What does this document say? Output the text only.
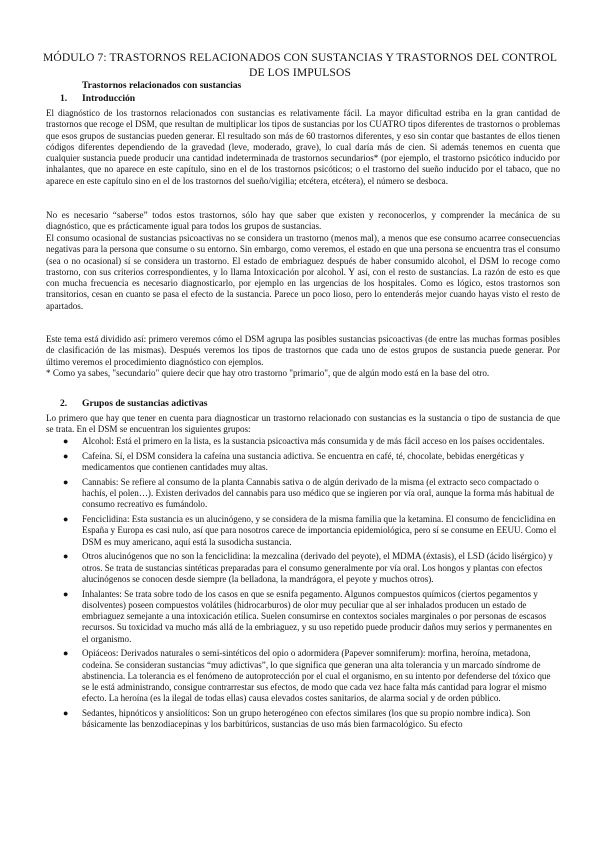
MÓDULO 7: TRASTORNOS RELACIONADOS CON SUSTANCIAS Y TRASTORNOS DEL CONTROL DE LOS IMPULSOS
Trastornos relacionados con sustancias
1. Introducción
El diagnóstico de los trastornos relacionados con sustancias es relativamente fácil. La mayor dificultad estriba en la gran cantidad de trastornos que recoge el DSM, que resultan de multiplicar los tipos de sustancias por los CUATRO tipos diferentes de trastornos o problemas que esos grupos de sustancias pueden generar. El resultado son más de 60 trastornos diferentes, y eso sin contar que bastantes de ellos tienen códigos diferentes dependiendo de la gravedad (leve, moderado, grave), lo cual daría más de cien. Si además tenemos en cuenta que cualquier sustancia puede producir una cantidad indeterminada de trastornos secundarios* (por ejemplo, el trastorno psicótico inducido por inhalantes, que no aparece en este capítulo, sino en el de los trastornos psicóticos; o el trastorno del sueño inducido por el tabaco, que no aparece en este capítulo sino en el de los trastornos del sueño/vigilia; etcétera, etcétera), el número se desboca.
No es necesario “saberse” todos estos trastornos, sólo hay que saber que existen y reconocerlos, y comprender la mecánica de su diagnóstico, que es prácticamente igual para todos los grupos de sustancias.
El consumo ocasional de sustancias psicoactivas no se considera un trastorno (menos mal), a menos que ese consumo acarree consecuencias negativas para la persona que consume o su entorno. Sin embargo, como veremos, el estado en que una persona se encuentra tras el consumo (sea o no ocasional) sí se considera un trastorno. El estado de embriaguez después de haber consumido alcohol, el DSM lo recoge como trastorno, con sus criterios correspondientes, y lo llama Intoxicación por alcohol. Y así, con el resto de sustancias. La razón de esto es que con mucha frecuencia es necesario diagnosticarlo, por ejemplo en las urgencias de los hospitales. Como es lógico, estos trastornos son transitorios, cesan en cuanto se pasa el efecto de la sustancia. Parece un poco lioso, pero lo entenderás mejor cuando hayas visto el resto de apartados.
Este tema está dividido así: primero veremos cómo el DSM agrupa las posibles sustancias psicoactivas (de entre las muchas formas posibles de clasificación de las mismas). Después veremos los tipos de trastornos que cada uno de estos grupos de sustancia puede generar. Por último veremos el procedimiento diagnóstico con ejemplos.
* Como ya sabes, "secundario" quiere decir que hay otro trastorno "primario", que de algún modo está en la base del otro.
2. Grupos de sustancias adictivas
Lo primero que hay que tener en cuenta para diagnosticar un trastorno relacionado con sustancias es la sustancia o tipo de sustancia de que se trata. En el DSM se encuentran los siguientes grupos:
● Alcohol: Está el primero en la lista, es la sustancia psicoactiva más consumida y de más fácil acceso en los países occidentales.
● Cafeína. Sí, el DSM considera la cafeína una sustancia adictiva. Se encuentra en café, té, chocolate, bebidas energéticas y medicamentos que contienen cantidades muy altas.
● Cannabis: Se refiere al consumo de la planta Cannabis sativa o de algún derivado de la misma (el extracto seco compactado o hachís, el polen…). Existen derivados del cannabis para uso médico que se ingieren por vía oral, aunque la forma más habitual de consumo recreativo es fumándolo.
● Fenciclidina: Esta sustancia es un alucinógeno, y se considera de la misma familia que la ketamina. El consumo de fenciclidina en España y Europa es casi nulo, así que para nosotros carece de importancia epidemiológica, pero sí se consume en EEUU. Como el DSM es muy americano, aquí está la susodicha sustancia.
● Otros alucinógenos que no son la fenciclidina: la mezcalina (derivado del peyote), el MDMA (éxtasis), el LSD (ácido lisérgico) y otros. Se trata de sustancias sintéticas preparadas para el consumo generalmente por vía oral. Los hongos y plantas con efectos alucinógenos se conocen desde siempre (la belladona, la mandrágora, el peyote y muchos otros).
● Inhalantes: Se trata sobre todo de los casos en que se esnifa pegamento. Algunos compuestos químicos (ciertos pegamentos y disolventes) poseen compuestos volátiles (hidrocarburos) de olor muy peculiar que al ser inhalados producen un estado de embriaguez semejante a una intoxicación etílica. Suelen consumirse en contextos sociales marginales o por personas de escasos recursos. Su toxicidad va mucho más allá de la embriaguez, y su uso repetido puede producir daños muy serios y permanentes en el organismo.
● Opiáceos: Derivados naturales o semi-sintéticos del opio o adormidera (Papever somniferum): morfina, heroína, metadona, codeína. Se consideran sustancias “muy adictivas”, lo que significa que generan una alta tolerancia y un marcado síndrome de abstinencia. La tolerancia es el fenómeno de autoprotección por el cual el organismo, en su intento por defenderse del tóxico que se le está administrando, consigue contrarrestar sus efectos, de modo que cada vez hace falta más cantidad para lograr el mismo efecto. La heroína (es la ilegal de todas ellas) causa elevados costes sanitarios, de alarma social y de orden público.
● Sedantes, hipnóticos y ansiolíticos: Son un grupo heterogéneo con efectos similares (los que su propio nombre indica). Son básicamente las benzodiacepinas y los barbitúricos, sustancias de uso más bien farmacológico. Su efecto
